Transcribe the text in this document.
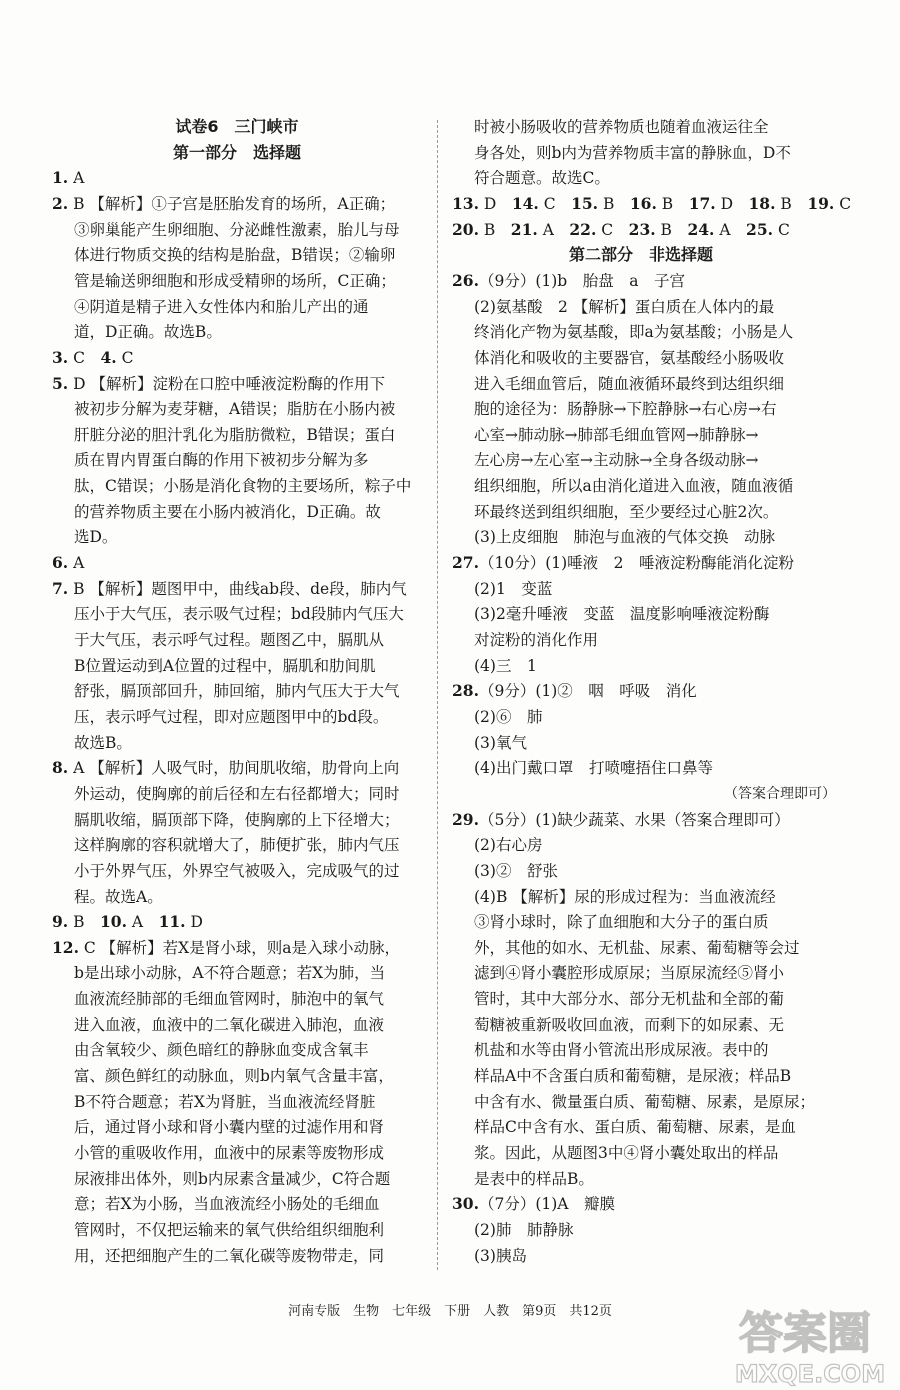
试卷6　三门峡市
第一部分　选择题
1. A
2. B 【解析】①子宫是胚胎发育的场所，A正确；
③卵巢能产生卵细胞、分泌雌性激素，胎儿与母
体进行物质交换的结构是胎盘，B错误；②输卵
管是输送卵细胞和形成受精卵的场所，C正确；
④阴道是精子进入女性体内和胎儿产出的通
道，D正确。故选B。
3. C　4. C
5. D 【解析】淀粉在口腔中唾液淀粉酶的作用下
被初步分解为麦芽糖，A错误；脂肪在小肠内被
肝脏分泌的胆汁乳化为脂肪微粒，B错误；蛋白
质在胃内胃蛋白酶的作用下被初步分解为多
肽，C错误；小肠是消化食物的主要场所，粽子中
的营养物质主要在小肠内被消化，D正确。故
选D。
6. A
7. B 【解析】题图甲中，曲线ab段、de段，肺内气
压小于大气压，表示吸气过程；bd段肺内气压大
于大气压，表示呼气过程。题图乙中，膈肌从
B位置运动到A位置的过程中，膈肌和肋间肌
舒张，膈顶部回升，肺回缩，肺内气压大于大气
压，表示呼气过程，即对应题图甲中的bd段。
故选B。
8. A 【解析】人吸气时，肋间肌收缩，肋骨向上向
外运动，使胸廓的前后径和左右径都增大；同时
膈肌收缩，膈顶部下降，使胸廓的上下径增大；
这样胸廓的容积就增大了，肺便扩张，肺内气压
小于外界气压，外界空气被吸入，完成吸气的过
程。故选A。
9. B　10. A　11. D
12. C 【解析】若X是肾小球，则a是入球小动脉，
b是出球小动脉，A不符合题意；若X为肺，当
血液流经肺部的毛细血管网时，肺泡中的氧气
进入血液，血液中的二氧化碳进入肺泡，血液
由含氧较少、颜色暗红的静脉血变成含氧丰
富、颜色鲜红的动脉血，则b内氧气含量丰富，
B不符合题意；若X为肾脏，当血液流经肾脏
后，通过肾小球和肾小囊内壁的过滤作用和肾
小管的重吸收作用，血液中的尿素等废物形成
尿液排出体外，则b内尿素含量减少，C符合题
意；若X为小肠，当血液流经小肠处的毛细血
管网时，不仅把运输来的氧气供给组织细胞利
用，还把细胞产生的二氧化碳等废物带走，同
时被小肠吸收的营养物质也随着血液运往全
身各处，则b内为营养物质丰富的静脉血，D不
符合题意。故选C。
13. D　14. C　15. B　16. B　17. D　18. B　19. C
20. B　21. A　22. C　23. B　24. A　25. C
第二部分　非选择题
26.（9分）(1)b　胎盘　a　子宫
(2)氨基酸　2 【解析】蛋白质在人体内的最
终消化产物为氨基酸，即a为氨基酸；小肠是人
体消化和吸收的主要器官，氨基酸经小肠吸收
进入毛细血管后，随血液循环最终到达组织细
胞的途径为：肠静脉→下腔静脉→右心房→右
心室→肺动脉→肺部毛细血管网→肺静脉→
左心房→左心室→主动脉→全身各级动脉→
组织细胞，所以a由消化道进入血液，随血液循
环最终送到组织细胞，至少要经过心脏2次。
(3)上皮细胞　肺泡与血液的气体交换　动脉
27.（10分）(1)唾液　2　唾液淀粉酶能消化淀粉
(2)1　变蓝
(3)2毫升唾液　变蓝　温度影响唾液淀粉酶
对淀粉的消化作用
(4)三　1
28.（9分）(1)②　咽　呼吸　消化
(2)⑥　肺
(3)氧气
(4)出门戴口罩　打喷嚏捂住口鼻等
（答案合理即可）
29.（5分）(1)缺少蔬菜、水果（答案合理即可）
(2)右心房
(3)②　舒张
(4)B 【解析】尿的形成过程为：当血液流经
③肾小球时，除了血细胞和大分子的蛋白质
外，其他的如水、无机盐、尿素、葡萄糖等会过
滤到④肾小囊腔形成原尿；当原尿流经⑤肾小
管时，其中大部分水、部分无机盐和全部的葡
萄糖被重新吸收回血液，而剩下的如尿素、无
机盐和水等由肾小管流出形成尿液。表中的
样品A中不含蛋白质和葡萄糖，是尿液；样品B
中含有水、微量蛋白质、葡萄糖、尿素，是原尿；
样品C中含有水、蛋白质、葡萄糖、尿素，是血
浆。因此，从题图3中④肾小囊处取出的样品
是表中的样品B。
30.（7分）(1)A　瓣膜
(2)肺　肺静脉
(3)胰岛
河南专版　生物　七年级　下册　人教　第9页　共12页	答案圈
MXQE.COM
